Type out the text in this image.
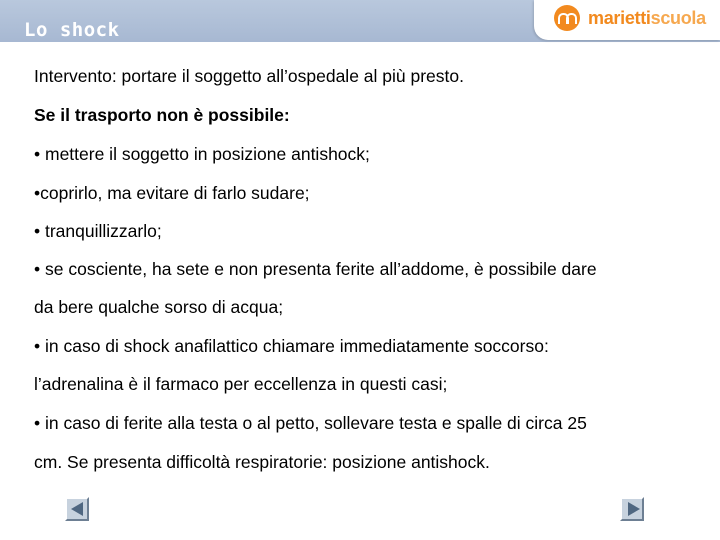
Lo shock
mariettiscuola
Intervento: portare il soggetto all’ospedale al più presto.
Se il trasporto non è possibile:
• mettere il soggetto in posizione antishock;
•coprirlo, ma evitare di farlo sudare;
• tranquillizzarlo;
• se cosciente, ha sete e non presenta ferite all’addome, è possibile dare
da bere qualche sorso di acqua;
• in caso di shock anafilattico chiamare immediatamente soccorso:
l’adrenalina è il farmaco per eccellenza in questi casi;
• in caso di ferite alla testa o al petto, sollevare testa e spalle di circa 25
cm. Se presenta difficoltà respiratorie: posizione antishock.
